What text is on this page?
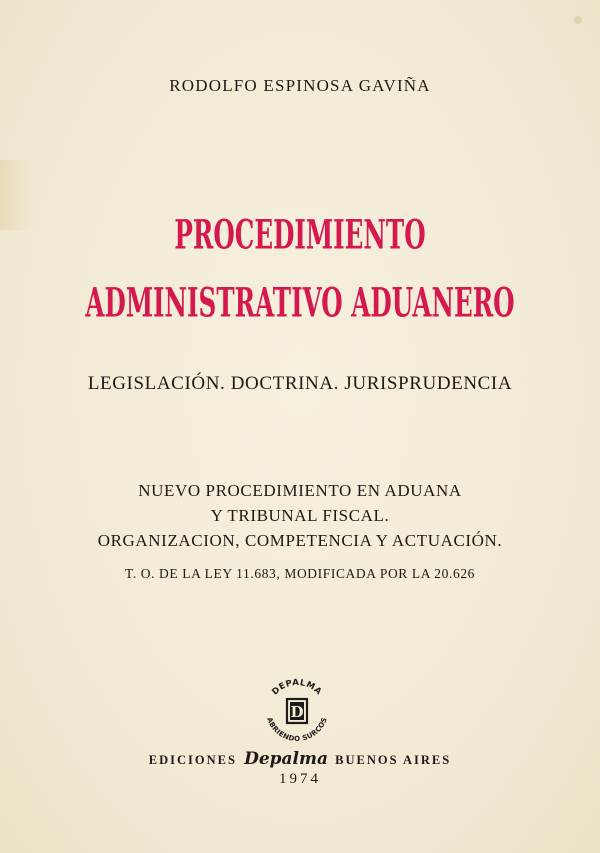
RODOLFO ESPINOSA GAVIÑA
PROCEDIMIENTO
ADMINISTRATIVO ADUANERO
LEGISLACIÓN. DOCTRINA. JURISPRUDENCIA
NUEVO PROCEDIMIENTO EN ADUANA
Y TRIBUNAL FISCAL.
ORGANIZACION, COMPETENCIA Y ACTUACIÓN.
T. O. DE LA LEY 11.683, MODIFICADA POR LA 20.626
DEPALMA
ABRIENDO SURCOS
D
EDICIONES Depalma BUENOS AIRES
1974
